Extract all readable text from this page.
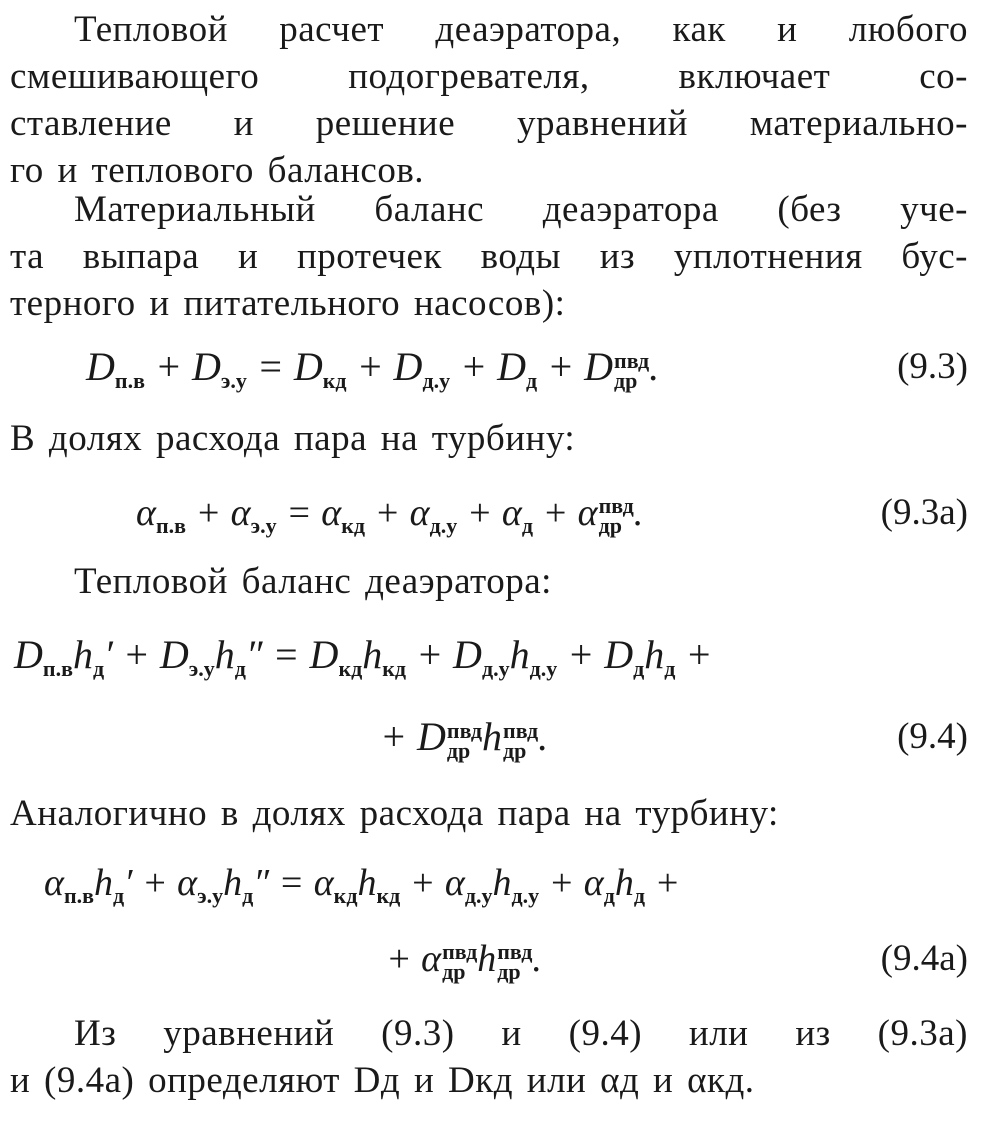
Тепловой расчет деаэратора, как и любого
смешивающего подогревателя, включает со-
ставление и решение уравнений материально-
го и теплового балансов.

Материальный баланс деаэратора (без уче-
та выпара и протечек воды из уплотнения бус-
терного и питательного насосов):

$D_{п.в} + D_{э.у} = D_{кд} + D_{д.у} + D_д + D$ пвд
др .	(9.3)
В долях расхода пара на турбину:
$\alpha_{п.в} + \alpha_{э.у} = \alpha_{кд} + \alpha_{д.у} + \alpha_д + \alpha$ пвд
др .	(9.3а)
Тепловой баланс деаэратора:
$D_{п.в}h_д' + D_{э.у}h_д'' = D_{кд}h_{кд} + D_{д.у}h_{д.у} + D_дh_д$ +
+ D пвд
др h пвд
др .	(9.4)
Аналогично в долях расхода пара на турбину:
$\alpha_{п.в}h_д' + \alpha_{э.у}h_д'' = \alpha_{кд}h_{кд} + \alpha_{д.у}h_{д.у} + \alpha_дh_д$ +
+ α пвд
др h пвд
др .	(9.4а)

Из уравнений (9.3) и (9.4) или из (9.3а)
и (9.4а) определяют Dд и Dкд или αд и αкд.
